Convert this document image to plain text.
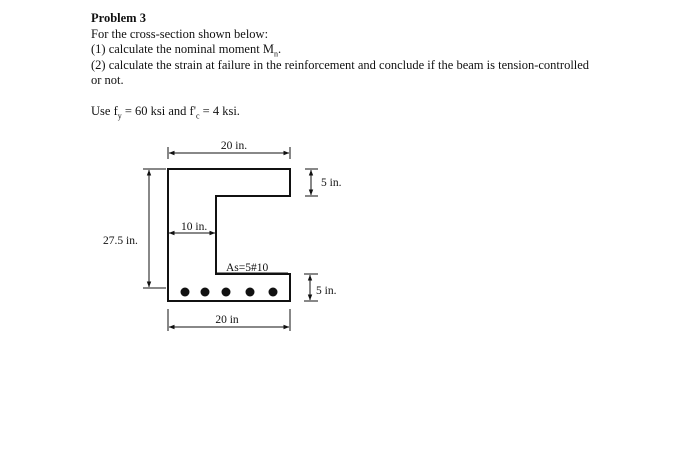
Problem 3
For the cross-section shown below:
(1) calculate the nominal moment $M_n$.
(2) calculate the strain at failure in the reinforcement and conclude if the beam is tension-controlled
or not.
Use $f_y = 60$ ksi and $f'_c = 4$ ksi.
20 in.
5 in.
10 in.
27.5 in.
As=5#10
5 in.
20 in
